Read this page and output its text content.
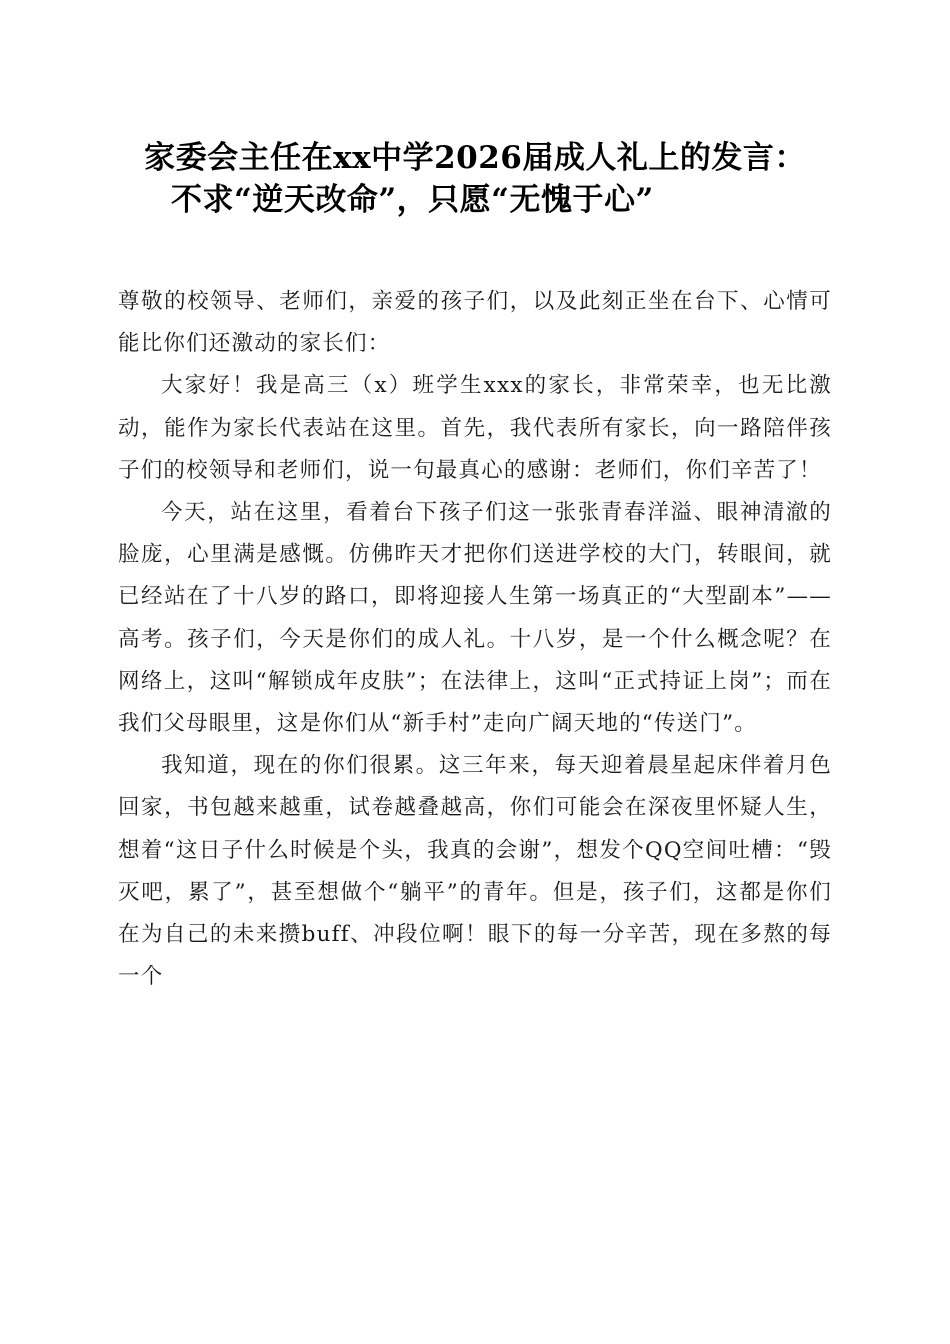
家委会主任在xx中学2026届成人礼上的发言：
不求“逆天改命”，只愿“无愧于心”

尊敬的校领导、老师们，亲爱的孩子们，以及此刻正坐在台下、心情可能比你们还激动的家长们：

大家好！我是高三（x）班学生xxx的家长，非常荣幸，也无比激动，能作为家长代表站在这里。首先，我代表所有家长，向一路陪伴孩子们的校领导和老师们，说一句最真心的感谢：老师们，你们辛苦了！

今天，站在这里，看着台下孩子们这一张张青春洋溢、眼神清澈的脸庞，心里满是感慨。仿佛昨天才把你们送进学校的大门，转眼间，就已经站在了十八岁的路口，即将迎接人生第一场真正的“大型副本”——高考。孩子们，今天是你们的成人礼。十八岁，是一个什么概念呢？在网络上，这叫“解锁成年皮肤”；在法律上，这叫“正式持证上岗”；而在我们父母眼里，这是你们从“新手村”走向广阔天地的“传送门”。

我知道，现在的你们很累。这三年来，每天迎着晨星起床伴着月色回家，书包越来越重，试卷越叠越高，你们可能会在深夜里怀疑人生，想着“这日子什么时候是个头，我真的会谢”，想发个QQ空间吐槽：“毁灭吧，累了”，甚至想做个“躺平”的青年。但是，孩子们，这都是你们在为自己的未来攒buff、冲段位啊！眼下的每一分辛苦，现在多熬的每一个
